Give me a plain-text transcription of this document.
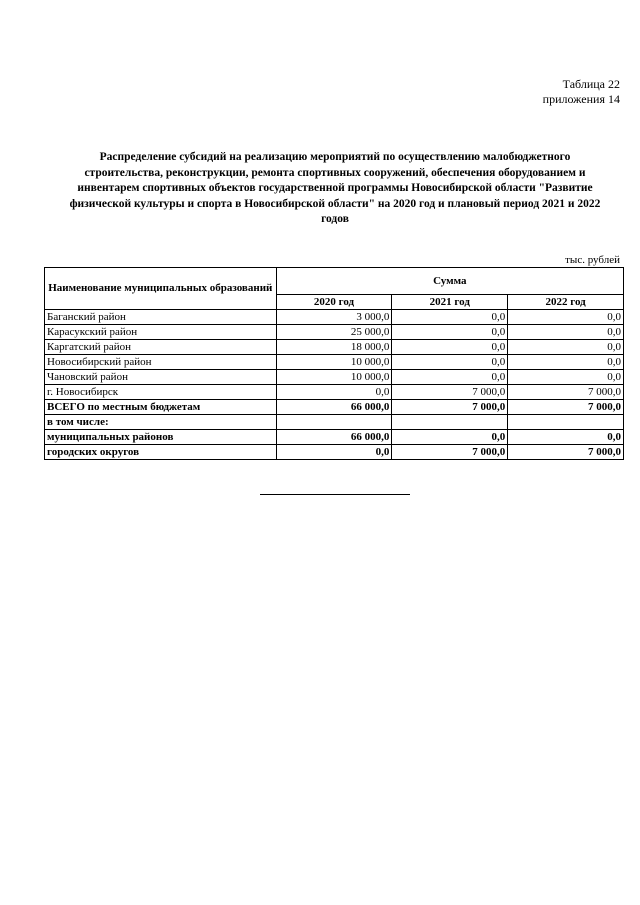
Таблица 22
приложения 14
Распределение субсидий на реализацию мероприятий по осуществлению малобюджетного строительства, реконструкции, ремонта спортивных сооружений, обеспечения оборудованием и инвентарем спортивных объектов государственной программы Новосибирской области "Развитие физической культуры и спорта в Новосибирской области" на 2020 год и плановый период 2021 и 2022 годов
тыс. рублей
Наименование муниципальных образований	Сумма		
	2020 год	2021 год	2022 год
Баганский район	3 000,0	0,0	0,0
Карасукский район	25 000,0	0,0	0,0
Каргатский район	18 000,0	0,0	0,0
Новосибирский район	10 000,0	0,0	0,0
Чановский район	10 000,0	0,0	0,0
г. Новосибирск	0,0	7 000,0	7 000,0
ВСЕГО по местным бюджетам	66 000,0	7 000,0	7 000,0
в том числе:			
муниципальных районов	66 000,0	0,0	0,0
городских округов	0,0	7 000,0	7 000,0
